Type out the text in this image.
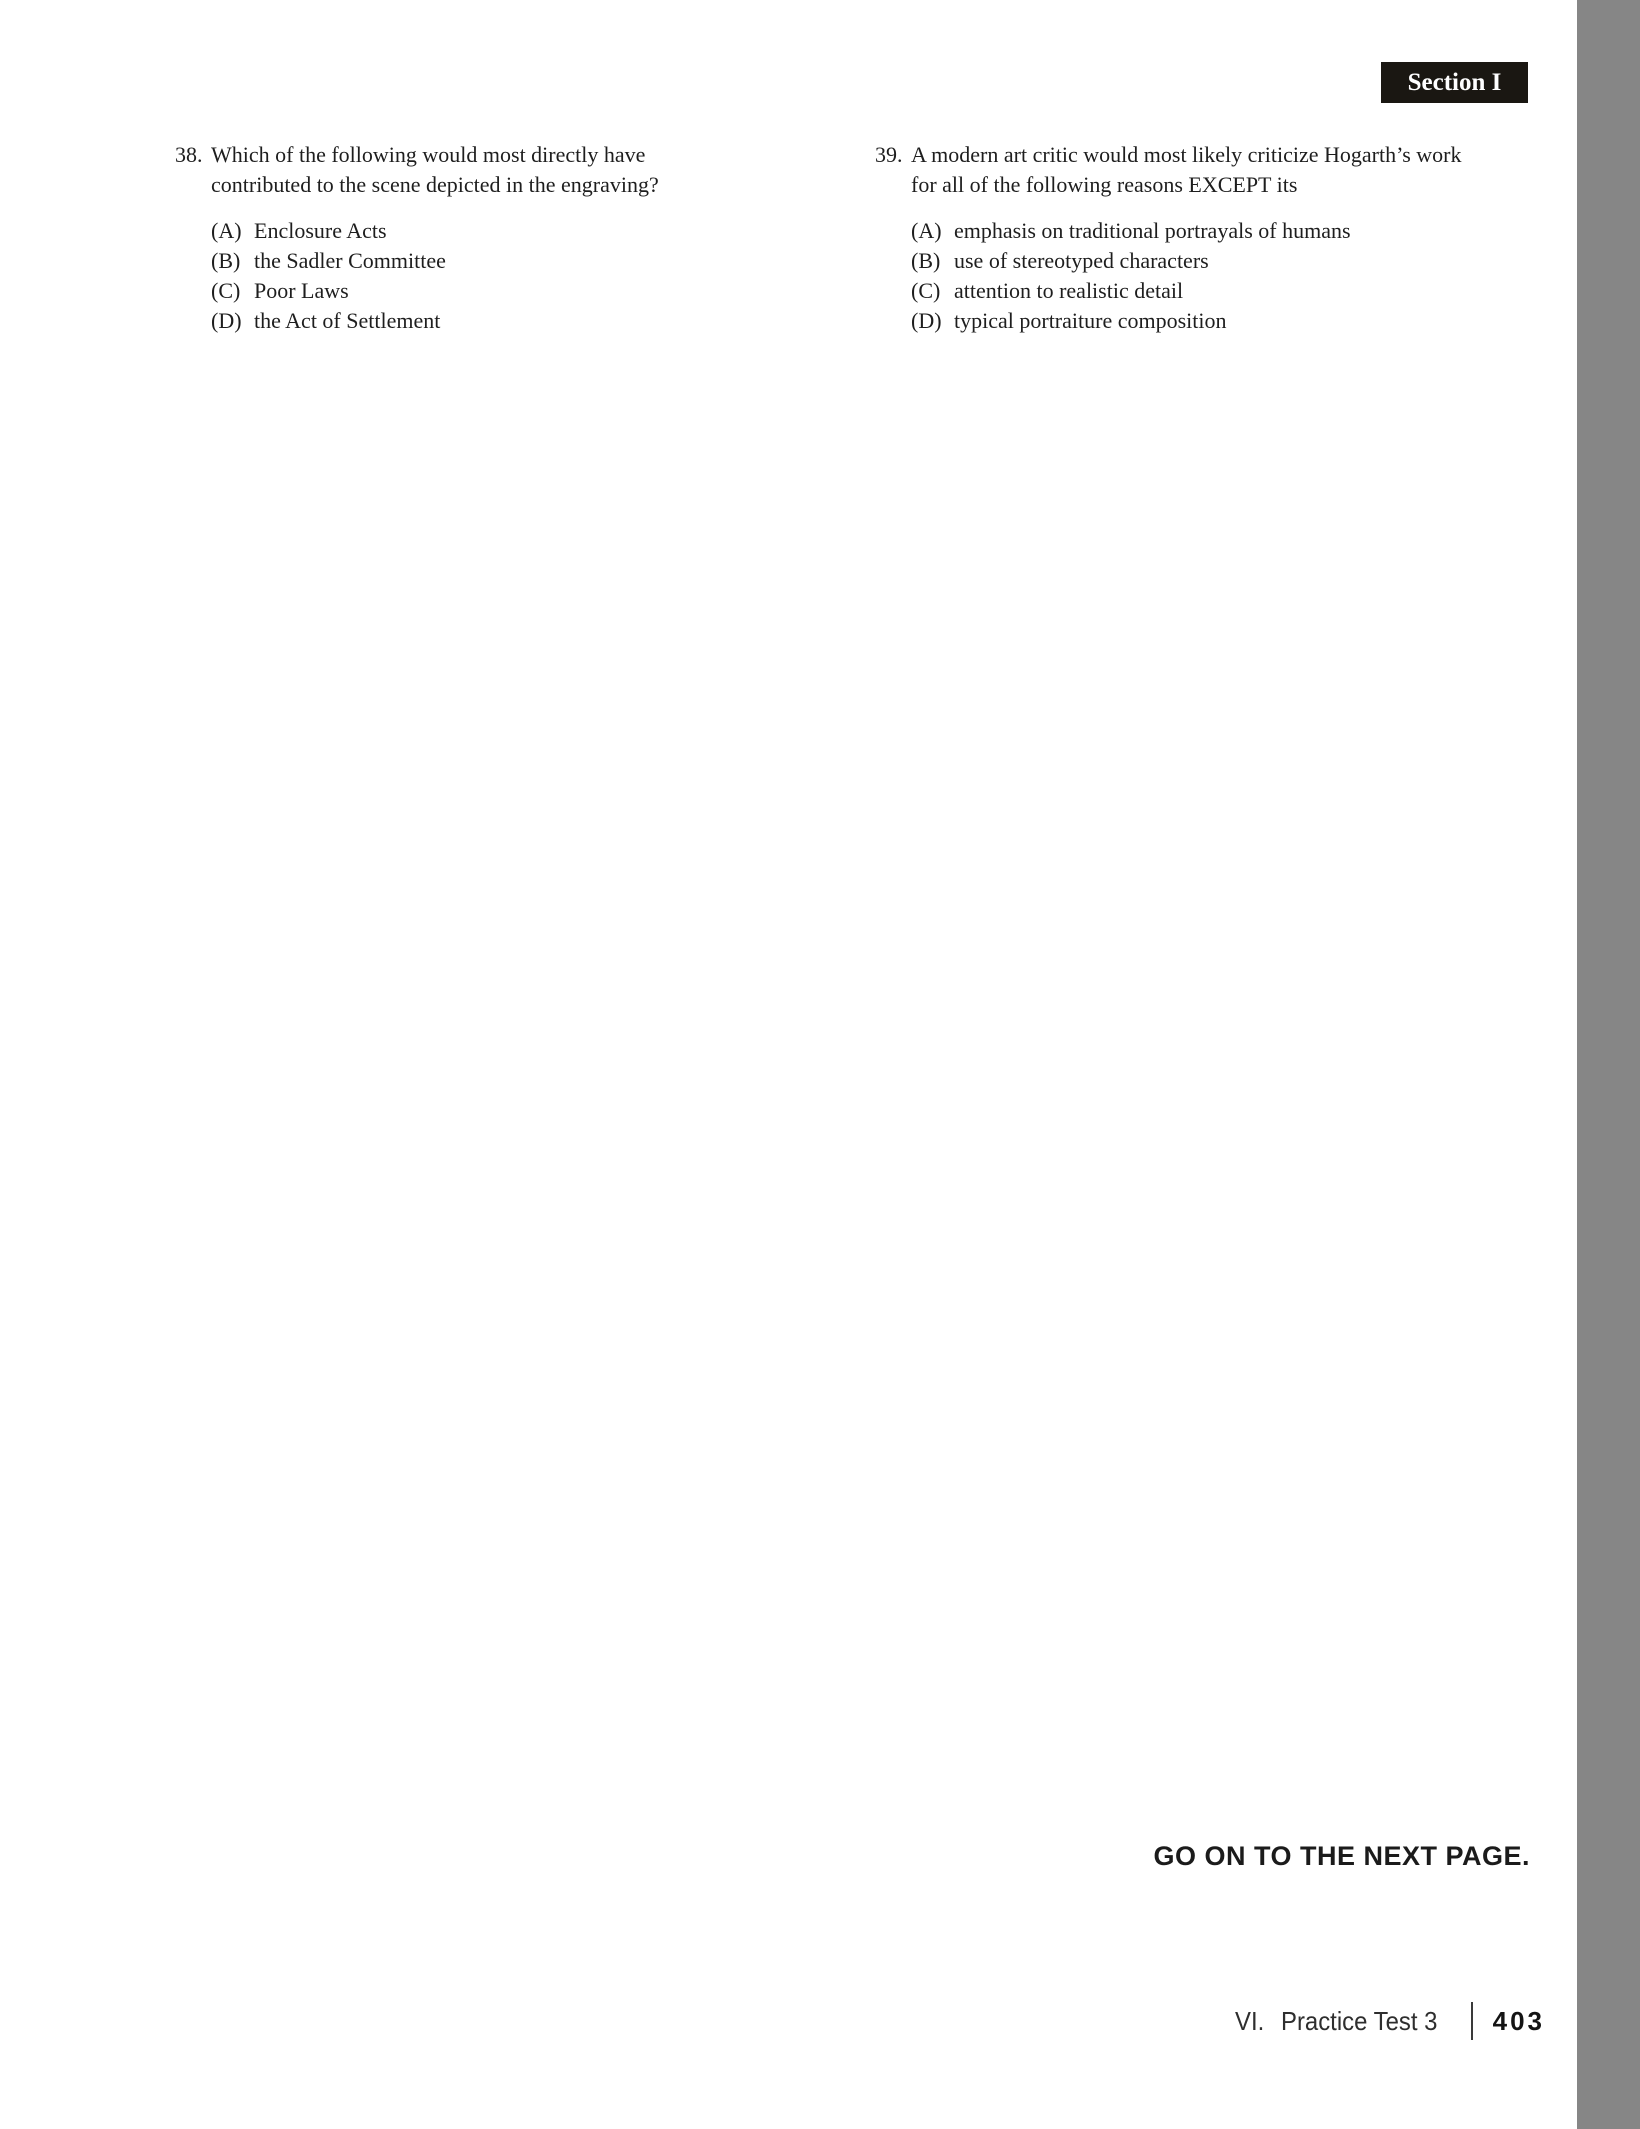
Section I
38. Which of the following would most directly have contributed to the scene depicted in the engraving?

(A) Enclosure Acts
(B) the Sadler Committee
(C) Poor Laws
(D) the Act of Settlement
39. A modern art critic would most likely criticize Hogarth’s work for all of the following reasons EXCEPT its

(A) emphasis on traditional portrayals of humans
(B) use of stereotyped characters
(C) attention to realistic detail
(D) typical portraiture composition
GO ON TO THE NEXT PAGE.
VI. Practice Test 3 403
